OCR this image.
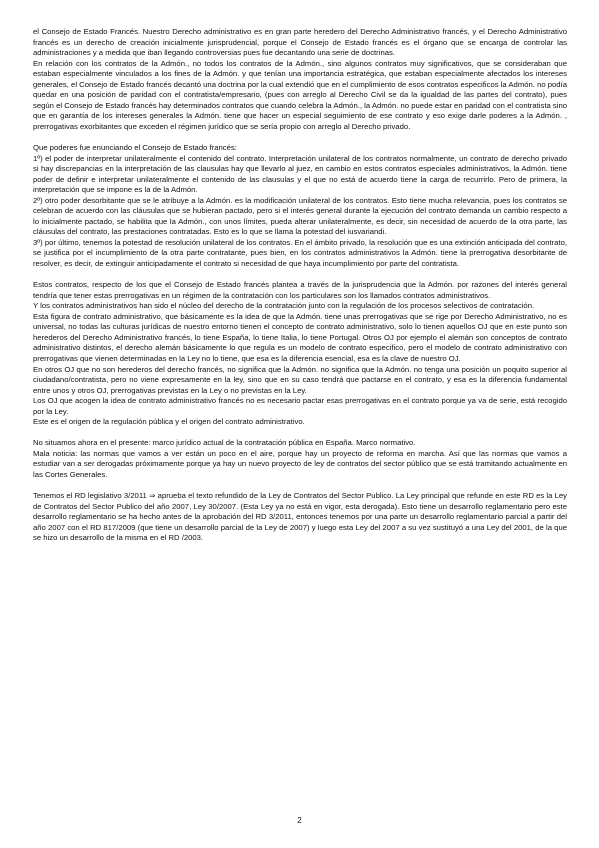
el Consejo de Estado Francés. Nuestro Derecho administrativo es en gran parte heredero del Derecho Administrativo francés, y el Derecho Administrativo francés es un derecho de creación inicialmente jurisprudencial, porque el Consejo de Estado francés es el órgano que se encarga de controlar las administraciones y a medida que iban llegando controversias pues fue decantando una serie de doctrinas.

En relación con los contratos de la Admón., no todos los contratos de la Admón., sino algunos contratos muy significativos, que se consideraban que estaban especialmente vinculados a los fines de la Admón. y que tenían una importancia estratégica, que estaban especialmente afectados los intereses generales, el Consejo de Estado francés decantó una doctrina por la cual extendió que en el cumplimiento de esos contratos especificos la Admón. no podía quedar en una posición de paridad con el contratista/empresario, (pues con arreglo al Derecho Civil se da la igualdad de las partes del contrato), pues según el Consejo de Estado francés hay determinados contratos que cuando celebra la Admón., la Admón. no puede estar en paridad con el contratista sino que en garantía de los intereses generales la Admón. tiene que hacer un especial seguimiento de ese contrato y eso exige darle poderes a la Admón. , prerrogativas exorbitantes que exceden el régimen jurídico que se sería propio con arreglo al Derecho privado.

Que poderes fue enunciando el Consejo de Estado francés:

1º) el poder de interpretar unilateralmente el contenido del contrato. Interpretación unilateral de los contratos normalmente, un contrato de derecho privado si hay discrepancias en la interpretación de las clausulas hay que llevarlo al juez, en cambio en estos contratos especiales administrativos, la Admón. tiene poder de definir e interpretar unilateralmente el contenido de las clausulas y el que no está de acuerdo tiene la carga de recurrirlo. Pero de primera, la interpretación que se impone es la de la Admón.

2º) otro poder desorbitante que se le atribuye a la Admón. es la modificación unilateral de los contratos. Esto tiene mucha relevancia, pues los contratos se celebran de acuerdo con las cláusulas que se hubieran pactado, pero si el interés general durante la ejecución del contrato demanda un cambio respecto a lo inicialmente pactado, se habilita que la Admón., con unos límites, pueda alterar unilateralmente, es decir, sin necesidad de acuerdo de la otra parte, las cláusulas del contrato, las prestaciones contratadas. Esto es lo que se llama la potestad del iusvariandi.

3º) por último, tenemos la potestad de resolución unilateral de los contratos. En el ámbito privado, la resolución que es una extinción anticipada del contrato, se justifica por el incumplimiento de la otra parte contratante, pues bien, en los contratos administrativos la Admón. tiene la prerrogativa desorbitante de resolver, es decir, de extinguir anticipadamente el contrato si necesidad de que haya incumplimiento por parte del contratista.

Estos contratos, respecto de los que el Consejo de Estado francés plantea a través de la jurisprudencia que la Admón. por razones del interés general tendría que tener estas prerrogativas en un régimen de la contratación con los particulares son los llamados contratos administrativos.

Y los contratos administrativos han sido el núcleo del derecho de la contratación junto con la regulación de los procesos selectivos de contratación.

Esta figura de contrato administrativo, que básicamente es la idea de que la Admón. tiene unas prerrogativas que se rige por Derecho Administrativo, no es universal, no todas las culturas jurídicas de nuestro entorno tienen el concepto de contrato administrativo, solo lo tienen aquellos OJ que en este punto son herederos del Derecho Administrativo francés, lo tiene España, lo tiene Italia, lo tiene Portugal. Otros OJ por ejemplo el alemán son conceptos de contrato administrativo distintos, el derecho alemán básicamente lo que regula es un modelo de contrato especifico, pero el modelo de contrato administrativo con prerrogativas que vienen determinadas en la Ley no lo tiene, que esa es la diferencia esencial, esa es la clave de nuestro OJ.

En otros OJ que no son herederos del derecho francés, no significa que la Admón. no significa que la Admón. no tenga una posición un poquito superior al ciudadano/contratista, pero no viene expresamente en la ley, sino que en su caso tendrá que pactarse en el contrato, y esa es la diferencia fundamental entre unos y otros OJ, prerrogativas previstas en la Ley o no previstas en la Ley.

Los OJ que acogen la idea de contrato administrativo francés no es necesario pactar esas prerrogativas en el contrato porque ya va de serie, está recogido por la Ley.

Este es el origen de la regulación pública y el origen del contrato administrativo.

No situamos ahora en el presente: marco jurídico actual de la contratación pública en España. Marco normativo.

Mala noticia: las normas que vamos a ver están un poco en el aire, porque hay un proyecto de reforma en marcha. Así que las normas que vamos a estudiar van a ser derogadas próximamente porque ya hay un nuevo proyecto de ley de contratos del sector público que se está tramitando actualmente en las Cortes Generales.

Tenemos el RD legislativo 3/2011 ⇒ aprueba el texto refundido de la Ley de Contratos del Sector Publico. La Ley principal que refunde en este RD es la Ley de Contratos del Sector Publico del año 2007, Ley 30/2007. (Esta Ley ya no está en vigor, esta derogada). Esto tiene un desarrollo reglamentario pero este desarrollo reglamentario se ha hecho antes de la aprobación del RD 3/2011, entonces tenemos por una parte un desarrollo reglamentario parcial a partir del año 2007 con el RD 817/2009 (que tiene un desarrollo parcial de la Ley de 2007) y luego esta Ley del 2007 a su vez sustituyó a una Ley del 2001, de la que se hizo un desarrollo de la misma en el RD /2003.

2
